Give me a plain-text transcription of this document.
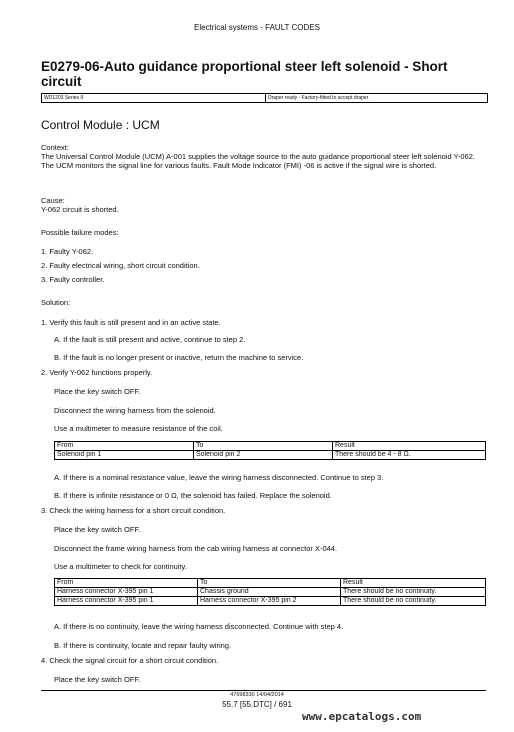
Electrical systems - FAULT CODES
E0279-06-Auto guidance proportional steer left solenoid - Short circuit
WD1203 Series II	Draper ready - Factory-fitted to accept draper
Control Module : UCM
Context:
The Universal Control Module (UCM) A-001 supplies the voltage source to the auto guidance proportional steer left solenoid Y-062. The UCM monitors the signal line for various faults. Fault Mode Indicator (FMI) -06 is active if the signal wire is shorted.
Cause:
Y-062 circuit is shorted.
Possible failure modes:
1. Faulty Y-062.
2. Faulty electrical wiring, short circuit condition.
3. Faulty controller.
Solution:
1. Verify this fault is still present and in an active state.
A. If the fault is still present and active, continue to step 2.
B. If the fault is no longer present or inactive, return the machine to service.
2. Verify Y-062 functions properly.
Place the key switch OFF.
Disconnect the wiring harness from the solenoid.
Use a multimeter to measure resistance of the coil.
From	To	Result
Solenoid pin 1	Solenoid pin 2	There should be 4 - 8 Ω.
A. If there is a nominal resistance value, leave the wiring harness disconnected. Continue to step 3.
B. If there is infinite resistance or 0 Ω, the solenoid has failed. Replace the solenoid.
3. Check the wiring harness for a short circuit condition.
Place the key switch OFF.
Disconnect the frame wiring harness from the cab wiring harness at connector X-044.
Use a multimeter to check for continuity.
From	To	Result
Harness connector X-395 pin 1	Chassis ground	There should be no continuity.
Harness connector X-395 pin 1	Harness connector X-395 pin 2	There should be no continuity.
A. If there is no continuity, leave the wiring harness disconnected. Continue with step 4.
B. If there is continuity, locate and repair faulty wiring.
4. Check the signal circuit for a short circuit condition.
Place the key switch OFF.
47698330 14/04/2014
55.7 [55.DTC] / 691
www.epcatalogs.com
